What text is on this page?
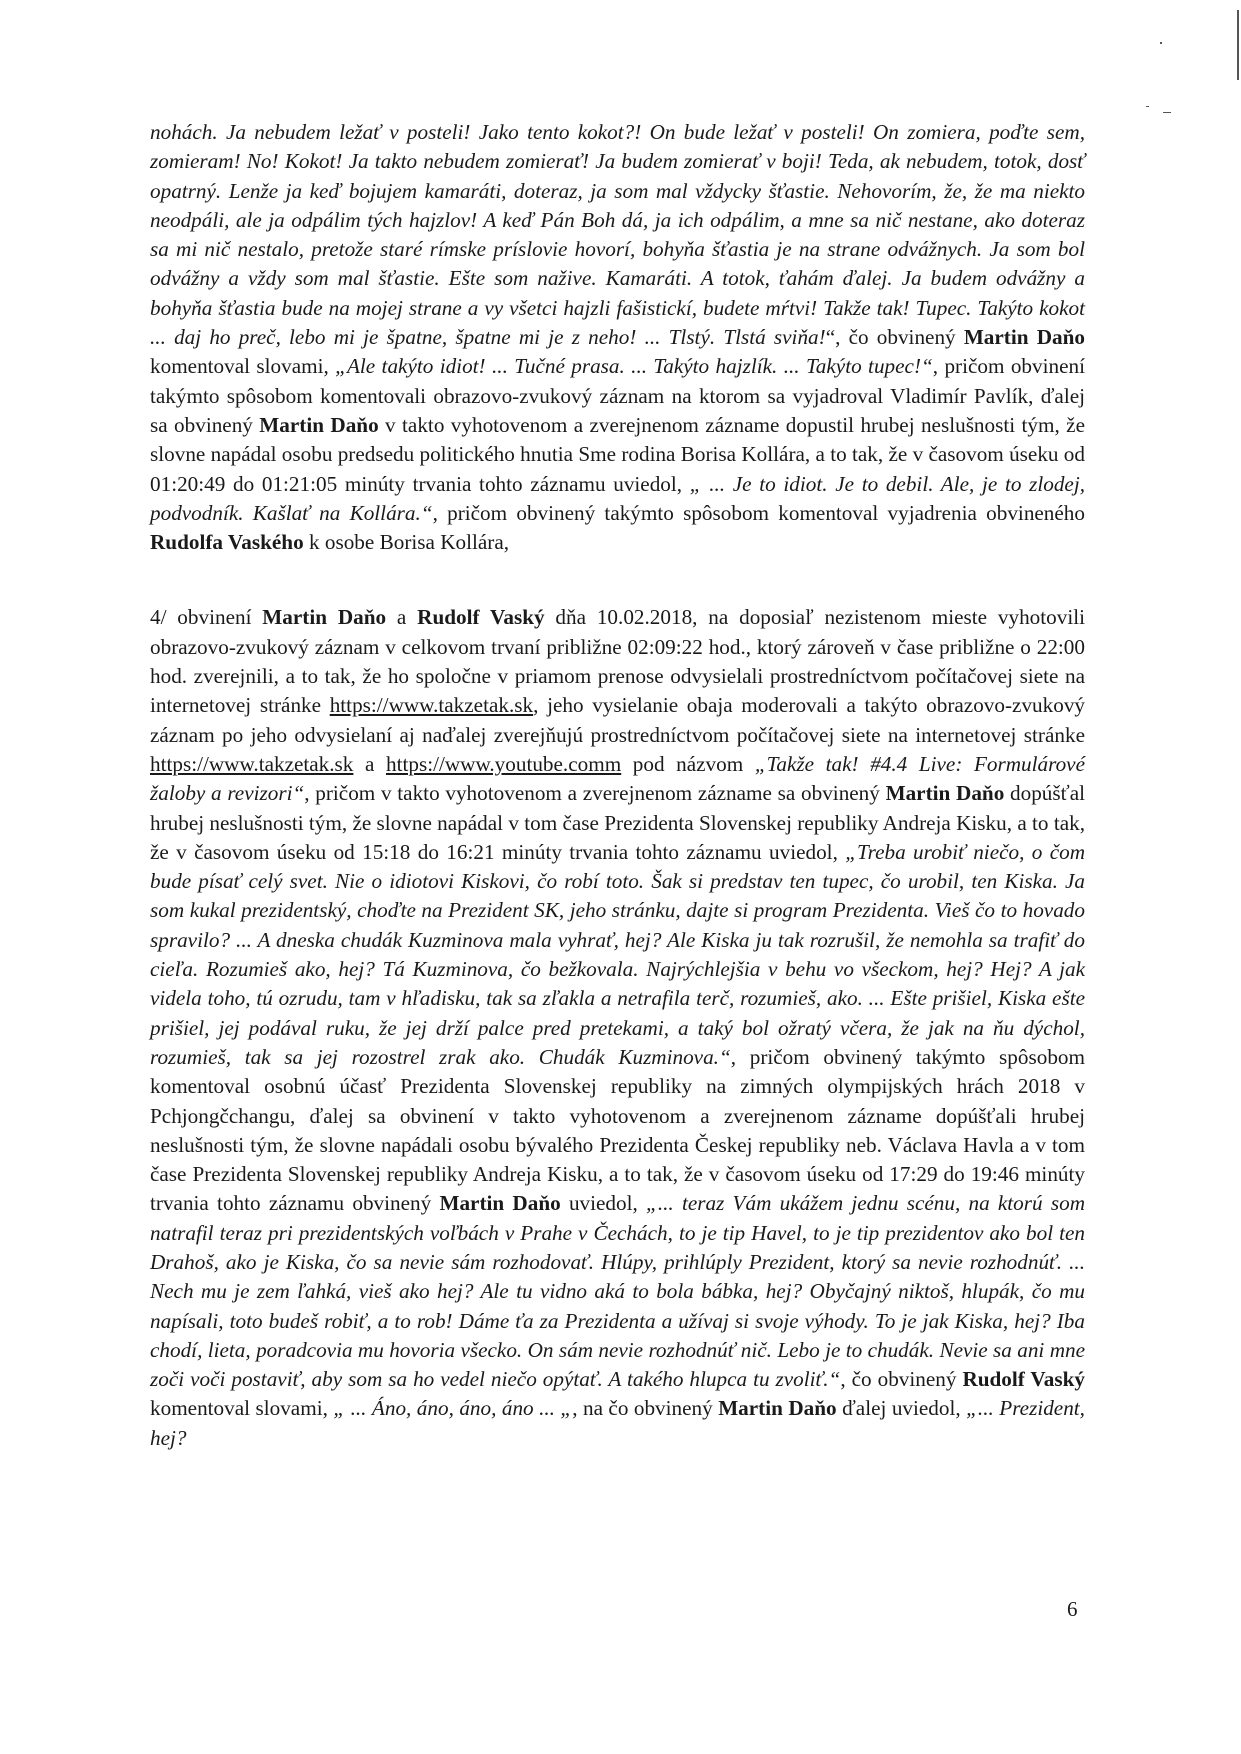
nohách. Ja nebudem ležať v posteli! Jako tento kokot?! On bude ležať v posteli! On zomiera, poďte sem, zomieram! No! Kokot! Ja takto nebudem zomierať! Ja budem zomierať v boji! Teda, ak nebudem, totok, dosť opatrný. Lenže ja keď bojujem kamaráti, doteraz, ja som mal vždycky šťastie. Nehovorím, že, že ma niekto neodpáli, ale ja odpálim tých hajzlov! A keď Pán Boh dá, ja ich odpálim, a mne sa nič nestane, ako doteraz sa mi nič nestalo, pretože staré rímske príslovie hovorí, bohyňa šťastia je na strane odvážnych. Ja som bol odvážny a vždy som mal šťastie. Ešte som nažive. Kamaráti. A totok, ťahám ďalej. Ja budem odvážny a bohyňa šťastia bude na mojej strane a vy všetci hajzli fašistickí, budete mŕtvi! Takže tak! Tupec. Takýto kokot ... daj ho preč, lebo mi je špatne, špatne mi je z neho! ... Tlstý. Tlstá sviňa!“, čo obvinený Martin Daňo komentoval slovami, „Ale takýto idiot! ... Tučné prasa. ... Takýto hajzlík. ... Takýto tupec!“, pričom obvinení takýmto spôsobom komentovali obrazovo-zvukový záznam na ktorom sa vyjadroval Vladimír Pavlík, ďalej sa obvinený Martin Daňo v takto vyhotovenom a zverejnenom zázname dopustil hrubej neslušnosti tým, že slovne napádal osobu predsedu politického hnutia Sme rodina Borisa Kollára, a to tak, že v časovom úseku od 01:20:49 do 01:21:05 minúty trvania tohto záznamu uviedol, „ ... Je to idiot. Je to debil. Ale, je to zlodej, podvodník. Kašlať na Kollára.“, pričom obvinený takýmto spôsobom komentoval vyjadrenia obvineného Rudolfa Vaského k osobe Borisa Kollára,

4/ obvinení Martin Daňo a Rudolf Vaský dňa 10.02.2018, na doposiaľ nezistenom mieste vyhotovili obrazovo-zvukový záznam v celkovom trvaní približne 02:09:22 hod., ktorý zároveň v čase približne o 22:00 hod. zverejnili, a to tak, že ho spoločne v priamom prenose odvysielali prostredníctvom počítačovej siete na internetovej stránke https://www.takzetak.sk, jeho vysielanie obaja moderovali a takýto obrazovo-zvukový záznam po jeho odvysielaní aj naďalej zverejňujú prostredníctvom počítačovej siete na internetovej stránke https://www.takzetak.sk a https://www.youtube.comm pod názvom „Takže tak! #4.4 Live: Formulárové žaloby a revizori“, pričom v takto vyhotovenom a zverejnenom zázname sa obvinený Martin Daňo dopúšťal hrubej neslušnosti tým, že slovne napádal v tom čase Prezidenta Slovenskej republiky Andreja Kisku, a to tak, že v časovom úseku od 15:18 do 16:21 minúty trvania tohto záznamu uviedol, „Treba urobiť niečo, o čom bude písať celý svet. Nie o idiotovi Kiskovi, čo robí toto. Šak si predstav ten tupec, čo urobil, ten Kiska. Ja som kukal prezidentský, choďte na Prezident SK, jeho stránku, dajte si program Prezidenta. Vieš čo to hovado spravilo? ... A dneska chudák Kuzminova mala vyhrať, hej? Ale Kiska ju tak rozrušil, že nemohla sa trafiť do cieľa. Rozumieš ako, hej? Tá Kuzminova, čo bežkovala. Najrýchlejšia v behu vo všeckom, hej? Hej? A jak videla toho, tú ozrudu, tam v hľadisku, tak sa zľakla a netrafila terč, rozumieš, ako. ... Ešte prišiel, Kiska ešte prišiel, jej podával ruku, že jej drží palce pred pretekami, a taký bol ožratý včera, že jak na ňu dýchol, rozumieš, tak sa jej rozostrel zrak ako. Chudák Kuzminova.“, pričom obvinený takýmto spôsobom komentoval osobnú účasť Prezidenta Slovenskej republiky na zimných olympijských hrách 2018 v Pchjongčchangu, ďalej sa obvinení v takto vyhotovenom a zverejnenom zázname dopúšťali hrubej neslušnosti tým, že slovne napádali osobu bývalého Prezidenta Českej republiky neb. Václava Havla a v tom čase Prezidenta Slovenskej republiky Andreja Kisku, a to tak, že v časovom úseku od 17:29 do 19:46 minúty trvania tohto záznamu obvinený Martin Daňo uviedol, „... teraz Vám ukážem jednu scénu, na ktorú som natrafil teraz pri prezidentských voľbách v Prahe v Čechách, to je tip Havel, to je tip prezidentov ako bol ten Drahoš, ako je Kiska, čo sa nevie sám rozhodovať. Hlúpy, prihlúply Prezident, ktorý sa nevie rozhodnúť. ... Nech mu je zem ľahká, vieš ako hej? Ale tu vidno aká to bola bábka, hej? Obyčajný niktoš, hlupák, čo mu napísali, toto budeš robiť, a to rob! Dáme ťa za Prezidenta a užívaj si svoje výhody. To je jak Kiska, hej? Iba chodí, lieta, poradcovia mu hovoria všecko. On sám nevie rozhodnúť nič. Lebo je to chudák. Nevie sa ani mne zoči voči postaviť, aby som sa ho vedel niečo opýtať. A takého hlupca tu zvoliť.“, čo obvinený Rudolf Vaský komentoval slovami, „ ... Áno, áno, áno, áno ... „, na čo obvinený Martin Daňo ďalej uviedol, „... Prezident, hej?

6
